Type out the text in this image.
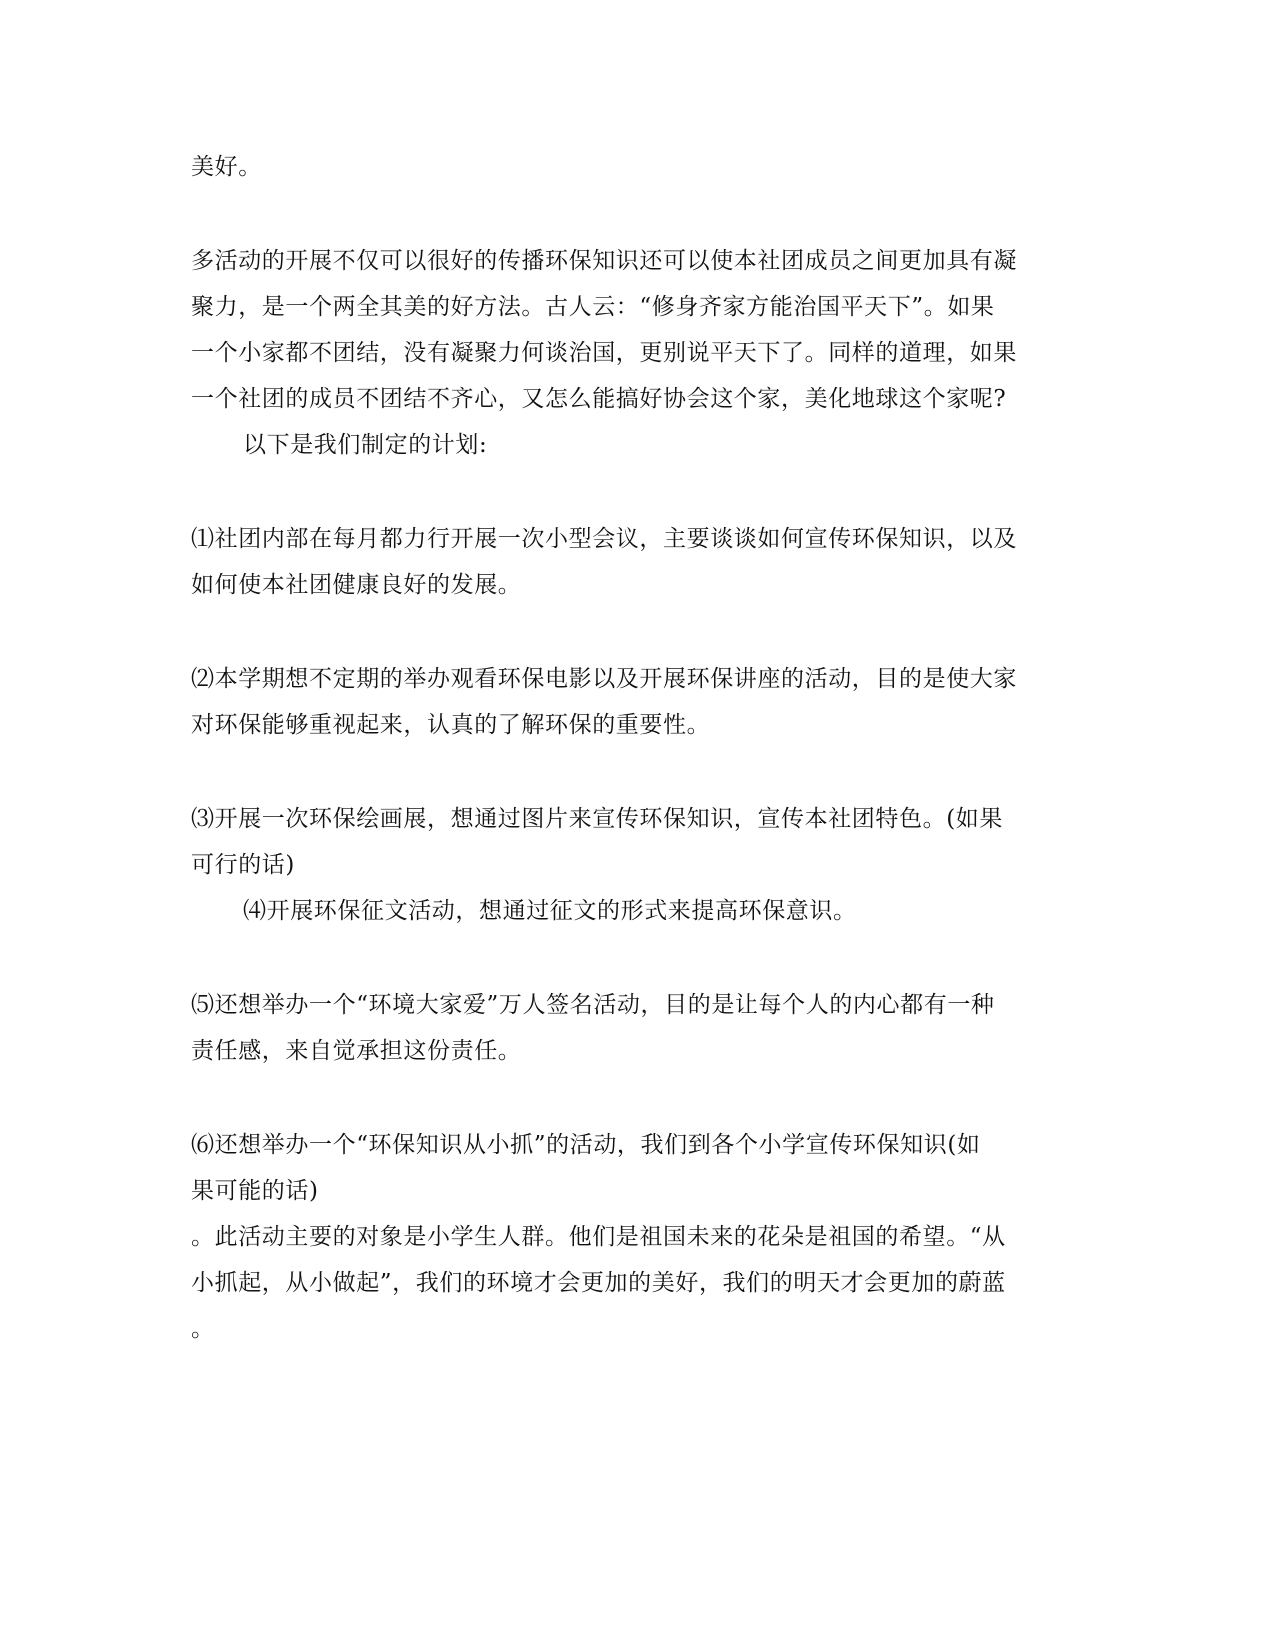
美好。
多活动的开展不仅可以很好的传播环保知识还可以使本社团成员之间更加具有凝
聚力，是一个两全其美的好方法。古人云：“修身齐家方能治国平天下”。如果
一个小家都不团结，没有凝聚力何谈治国，更别说平天下了。同样的道理，如果
一个社团的成员不团结不齐心，又怎么能搞好协会这个家，美化地球这个家呢?
以下是我们制定的计划:
⑴社团内部在每月都力行开展一次小型会议，主要谈谈如何宣传环保知识，以及
如何使本社团健康良好的发展。
⑵本学期想不定期的举办观看环保电影以及开展环保讲座的活动，目的是使大家
对环保能够重视起来，认真的了解环保的重要性。
⑶开展一次环保绘画展，想通过图片来宣传环保知识，宣传本社团特色。(如果
可行的话)
⑷开展环保征文活动，想通过征文的形式来提高环保意识。
⑸还想举办一个“环境大家爱”万人签名活动，目的是让每个人的内心都有一种
责任感，来自觉承担这份责任。
⑹还想举办一个“环保知识从小抓”的活动，我们到各个小学宣传环保知识(如
果可能的话)
。此活动主要的对象是小学生人群。他们是祖国未来的花朵是祖国的希望。“从
小抓起，从小做起”，我们的环境才会更加的美好，我们的明天才会更加的蔚蓝
。
